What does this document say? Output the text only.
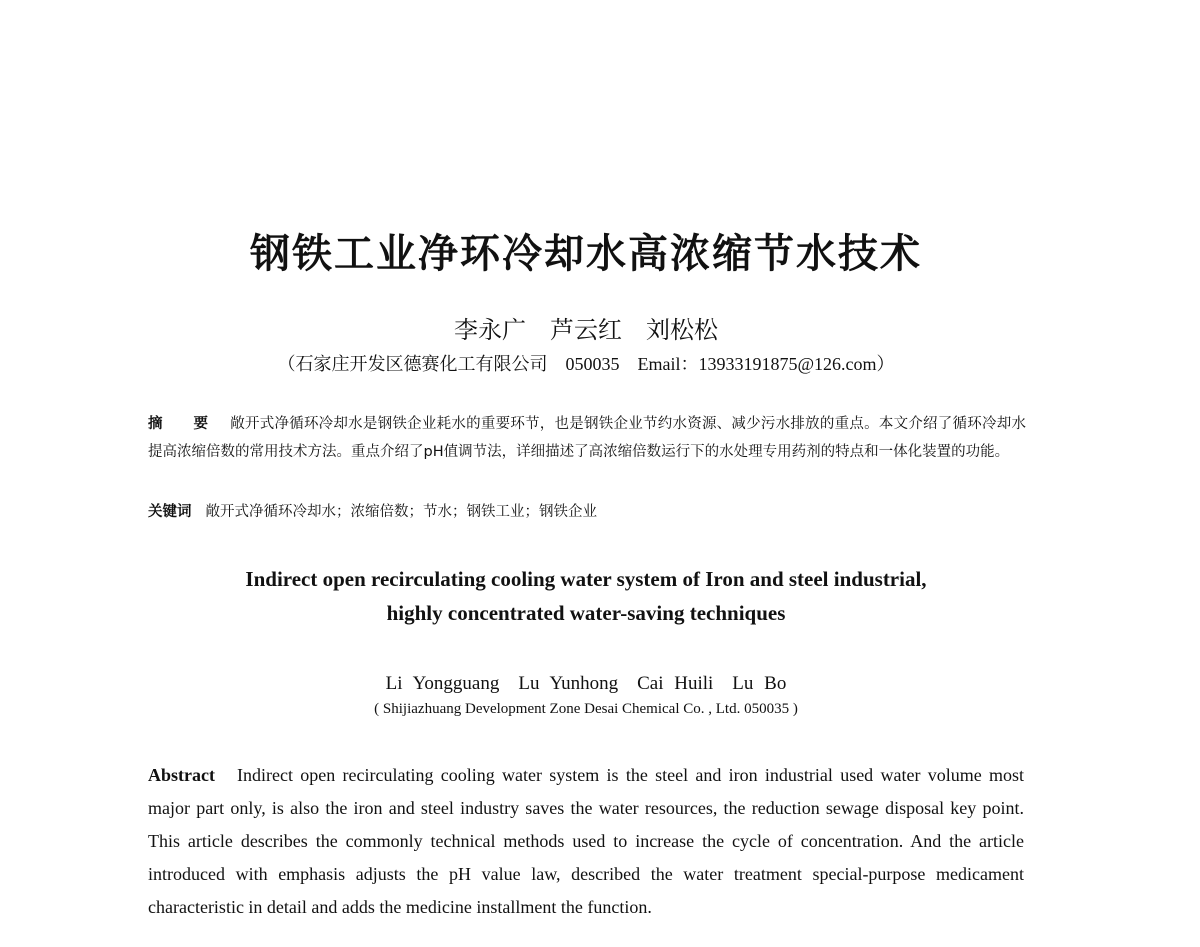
钢铁工业净环冷却水高浓缩节水技术
李永广　芦云红　刘松松
（石家庄开发区德赛化工有限公司　050035　Email：13933191875@126.com）
摘　要 敞开式净循环冷却水是钢铁企业耗水的重要环节，也是钢铁企业节约水资源、减少污水排放的重点。本文介绍了循环冷却水提高浓缩倍数的常用技术方法。重点介绍了pH值调节法，详细描述了高浓缩倍数运行下的水处理专用药剂的特点和一体化装置的功能。
关键词 敞开式净循环冷却水；浓缩倍数；节水；钢铁工业；钢铁企业
Indirect open recirculating cooling water system of Iron and steel industrial,
highly concentrated water-saving techniques
Li Yongguang　Lu Yunhong　Cai Huili　Lu Bo
( Shijiazhuang Development Zone Desai Chemical Co. , Ltd. 050035 )
Abstract Indirect open recirculating cooling water system is the steel and iron industrial used water volume most major part only, is also the iron and steel industry saves the water resources, the reduction sewage disposal key point. This article describes the commonly technical methods used to increase the cycle of concentration. And the article introduced with emphasis adjusts the pH value law, described the water treatment special-purpose medicament characteristic in detail and adds the medicine installment the function.
